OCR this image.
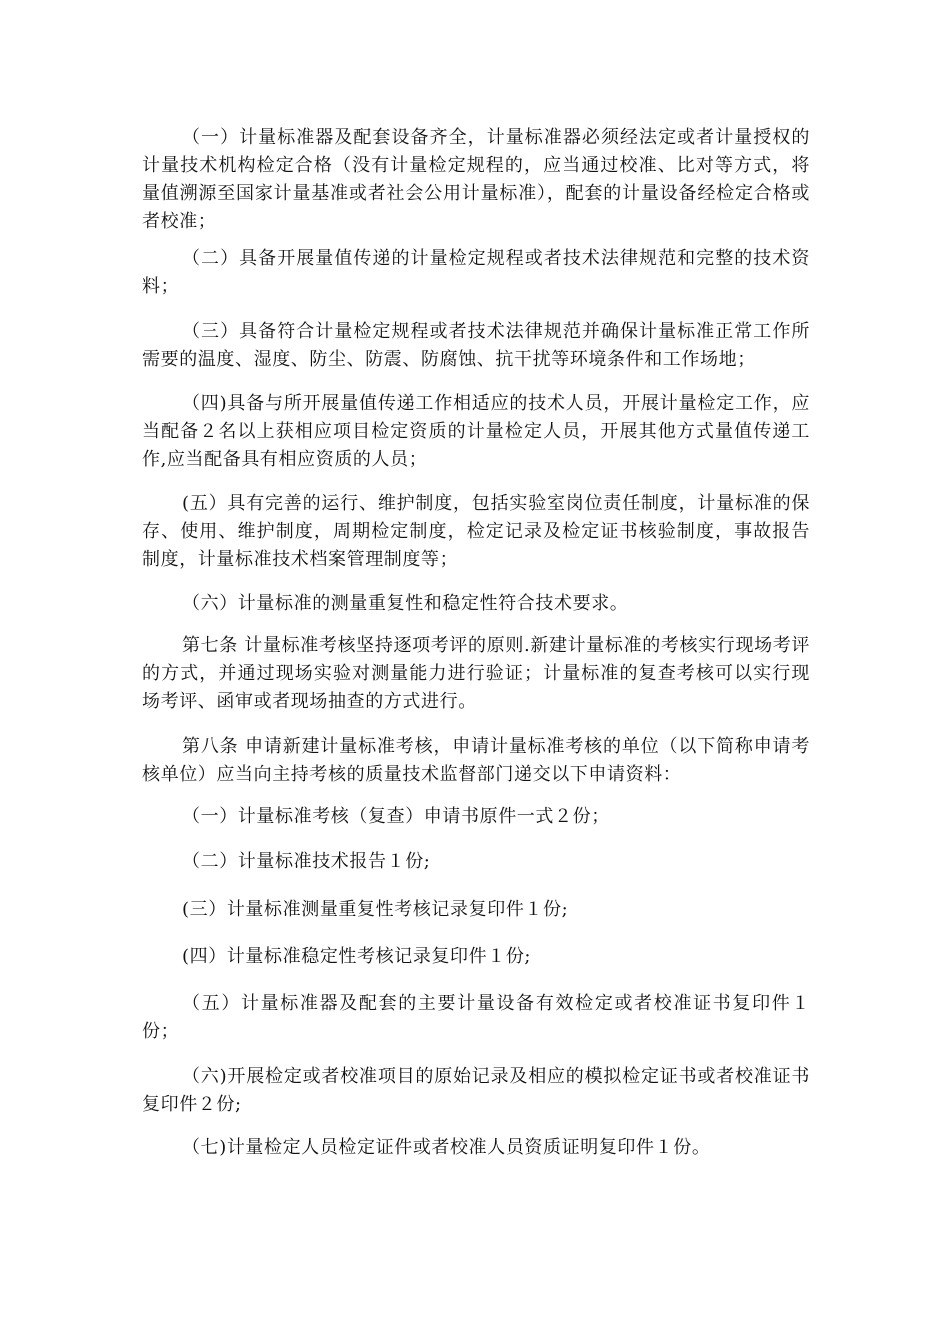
（一）计量标准器及配套设备齐全，计量标准器必须经法定或者计量授权的计量技术机构检定合格（没有计量检定规程的，应当通过校准、比对等方式，将量值溯源至国家计量基准或者社会公用计量标准），配套的计量设备经检定合格或者校准；

（二）具备开展量值传递的计量检定规程或者技术法律规范和完整的技术资料；

（三）具备符合计量检定规程或者技术法律规范并确保计量标准正常工作所需要的温度、湿度、防尘、防震、防腐蚀、抗干扰等环境条件和工作场地；

（四)具备与所开展量值传递工作相适应的技术人员，开展计量检定工作，应当配备２名以上获相应项目检定资质的计量检定人员，开展其他方式量值传递工作,应当配备具有相应资质的人员；

(五）具有完善的运行、维护制度，包括实验室岗位责任制度，计量标准的保存、使用、维护制度，周期检定制度，检定记录及检定证书核验制度，事故报告制度，计量标准技术档案管理制度等；

（六）计量标准的测量重复性和稳定性符合技术要求。

第七条 计量标准考核坚持逐项考评的原则.新建计量标准的考核实行现场考评的方式，并通过现场实验对测量能力进行验证；计量标准的复查考核可以实行现场考评、函审或者现场抽查的方式进行。

第八条 申请新建计量标准考核，申请计量标准考核的单位（以下简称申请考核单位）应当向主持考核的质量技术监督部门递交以下申请资料：

（一）计量标准考核（复查）申请书原件一式２份；

（二）计量标准技术报告１份;

(三）计量标准测量重复性考核记录复印件１份;

(四）计量标准稳定性考核记录复印件１份;

（五）计量标准器及配套的主要计量设备有效检定或者校准证书复印件１份；

（六)开展检定或者校准项目的原始记录及相应的模拟检定证书或者校准证书复印件２份;

（七)计量检定人员检定证件或者校准人员资质证明复印件１份。
